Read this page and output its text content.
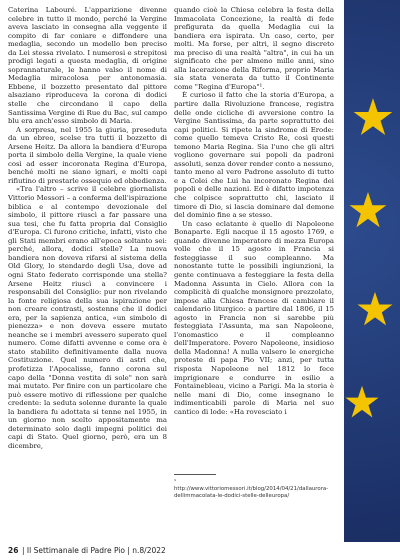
Caterina Labouré. L'apparizione divenne celebre in tutto il mondo, perché la Vergine aveva lasciato in consegna alla veggente il compito di far coniare e diffondere una medaglia, secondo un modello ben preciso da Lei stessa rivelato. I numerosi e strepitosi prodigi legati a questa medaglia, di origine soprannaturale, le hanno valso il nome di Medaglia miracolosa per antonomasia. Ebbene, il bozzetto presentato dal pittore alsaziano riproduceva la corona di dodici stelle che circondano il capo della Santissima Vergine di Rue du Bac, sul campo blu era anch'esso simbolo di Maria.

A sorpresa, nel 1955 la giuria, preseduta da un ebreo, scelse tra tutti il bozzetto di Arsene Heitz. Da allora la bandiera d'Europa porta il simbolo della Vergine, la quale viene così ad esser incoronata Regina d'Europa, benché molti ne siano ignari, e molti capi rifiutino di prestarle ossequio ed obbedienza.

«Tra l'altro – scrive il celebre giornalista Vittorio Messori – a conferma dell'ispirazione biblica e al contempo devozionale del simbolo, il pittore riuscì a far passare una sua tesi, che fu fatta propria dal Consiglio d'Europa. Ci furono critiche, infatti, visto che gli Stati membri erano all'epoca soltanto sei: perché, allora, dodici stelle? La nuova bandiera non doveva rifarsi al sistema della Old Glory, lo stendardo degli Usa, dove ad ogni Stato federato corrisponde una stella? Arsene Heitz riuscì a convincere i responsabili del Consiglio: pur non rivelando la fonte religiosa della sua ispirazione per non creare contrasti, sostenne che il dodici era, per la sapienza antica, «un simbolo di pienezza» e non doveva essere mutato neanche se i membri avessero superato quel numero. Come difatti avvenne e come ora è stato stabilito definitivamente dalla nuova Costituzione. Quel numero di astri che, profetizza l'Apocalisse, fanno corona sul capo della "Donna vestita di sole" non sarà mai mutato. Per finire con un particolare che può essere motivo di riflessione per qualche credente: la seduta solenne durante la quale la bandiera fu adottata si tenne nel 1955, in un giorno non scelto appositamente ma determinato solo dagli impegni politici dei capi di Stato. Quel giorno, però, era un 8 dicembre,

quando cioè la Chiesa celebra la festa della Immacolata Concezione, la realtà di fede prefigurata da quella Medaglia cui la bandiera era ispirata. Un caso, certo, per molti. Ma forse, per altri, il segno discreto ma preciso di una realtà "altra", in cui ha un significato che per almeno mille anni, sino alla lacerazione della Riforma, proprio Maria sia stata venerata da tutto il Continente come "Regina d'Europa"¹.

È curioso il fatto che la storia d'Europa, a partire dalla Rivoluzione francese, registra delle onde cicliche di avversione contro la Vergine Santissima, da parte soprattutto dei capi politici. Si ripete la sindrome di Erode: come quello temeva Cristo Re, così questi temono Maria Regina. Sia l'uno che gli altri vogliono governare sui popoli da padroni assoluti, senza dover render conto a nessuno, tanto meno al vero Padrone assoluto di tutto e a Colei che Lui ha incoronato Regina dei popoli e delle nazioni. Ed è difatto impotenza che colpisce soprattutto chi, lasciato il timore di Dio, si lascia dominare dal demone del dominio fine a se stesso.

Un caso eclatante è quello di Napoleone Bonaparte. Egli nacque il 15 agosto 1769, e quando divenne imperatore di mezza Europa volle che il 15 agosto in Francia si festeggiasse il suo compleanno. Ma nonostante tutte le possibili ingiunzioni, la gente continuava a festeggiare la festa della Madonna Assunta in Cielo. Allora con la complicità di qualche monsignore prezzolato, impose alla Chiesa francese di cambiare il calendario liturgico: a partire dal 1806, il 15 agosto in Francia non si sarebbe più festeggiata l'Assunta, ma san Napoleone, l'onomastico e il compleanno dell'Imperatore. Povero Napoleone, insidioso della Madonna! A nulla valsero le energiche proteste di papa Pio VII; anzi, per tutta risposta Napoleone nel 1812 lo fece imprigionare e condurre in esilio a Fontainebleau, vicino a Parigi. Ma la storia è nelle mani di Dio, come insegnano le indimenticabili parole di Maria nel suo cantico di lode: «Ha rovesciato i

¹ http://www.vittoriomessori.it/blog/2014/04/21/dallaurora-dellimmacolata-le-dodici-stelle-delleuropa/
26 | Il Settimanale di Padre Pio | n.8/2022
